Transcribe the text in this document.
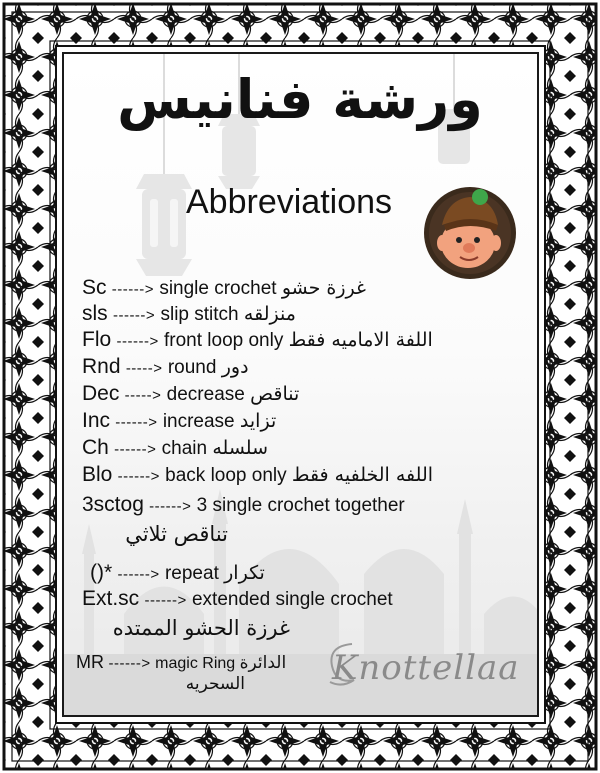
ورشة فنانيس
Abbreviations
Sc ------> single crochet غرزة حشو
sls ------> slip stitch منزلقه
Flo ------> front loop only اللفة الاماميه فقط
Rnd -----> round دور
Dec -----> decrease تناقص
Inc ------> increase تزايد
Ch ------> chain سلسله
Blo ------> back loop only اللفه الخلفيه فقط
3sctog ------> 3 single crochet together
تناقص ثلاثي
()* ------> repeat تكرار
Ext.sc ------> extended single crochet
غرزة الحشو الممتده
MR ------> magic Ring الدائرة
السحريه	Knottellaa
